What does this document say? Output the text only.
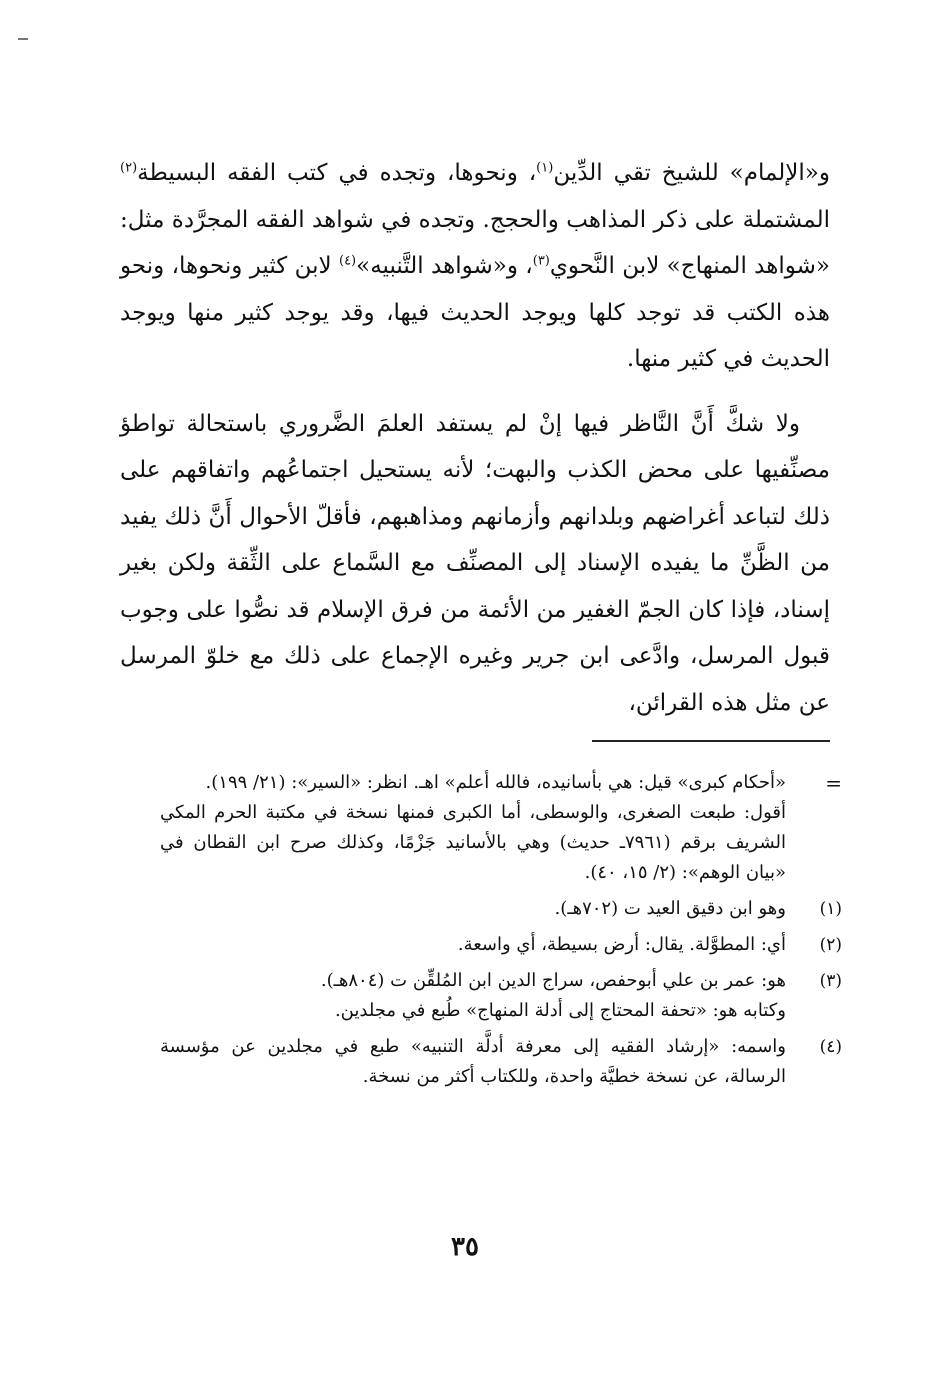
و«الإلمام» للشيخ تقي الدِّين$^{(١)}$، ونحوها، وتجده في كتب الفقه البسيطة$^{(٢)}$ المشتملة على ذكر المذاهب والحجج. وتجده في شواهد الفقه المجرَّدة مثل: «شواهد المنهاج» لابن النَّحوي$^{(٣)}$، و«شواهد التَّنبيه»$^{(٤)}$ لابن كثير ونحوها، ونحو هذه الكتب قد توجد كلها ويوجد الحديث فيها، وقد يوجد كثير منها ويوجد الحديث في كثير منها.

ولا شكَّ أَنَّ النَّاظر فيها إنْ لم يستفد العلمَ الضَّروري باستحالة تواطؤ مصنِّفيها على محض الكذب والبهت؛ لأنه يستحيل اجتماعُهم واتفاقهم على ذلك لتباعد أغراضهم وبلدانهم وأزمانهم ومذاهبهم، فأقلّ الأحوال أَنَّ ذلك يفيد من الظَّنِّ ما يفيده الإسناد إلى المصنِّف مع السَّماع على الثِّقة ولكن بغير إسناد، فإذا كان الجمّ الغفير من الأئمة من فرق الإسلام قد نصُّوا على وجوب قبول المرسل، وادَّعى ابن جرير وغيره الإجماع على ذلك مع خلوّ المرسل عن مثل هذه القرائن،

=
«أحكام كبرى» قيل: هي بأسانيده، فالله أعلم» اهـ. انظر: «السير»: (٢١/ ١٩٩).
أقول: طبعت الصغرى، والوسطى، أما الكبرى فمنها نسخة في مكتبة الحرم المكي الشريف برقم (٧٩٦١ـ حديث) وهي بالأسانيد جَزْمًا، وكذلك صرح ابن القطان في «بيان الوهم»: (٢/ ١٥، ٤٠).
(١)
وهو ابن دقيق العيد ت (٧٠٢هـ).
(٢)
أي: المطوَّلة. يقال: أرض بسيطة، أي واسعة.
(٣)
هو: عمر بن علي أبوحفص، سراج الدين ابن المُلقِّن ت (٨٠٤هـ).
وكتابه هو: «تحفة المحتاج إلى أدلة المنهاج» طُبع في مجلدين.
(٤)
واسمه: «إرشاد الفقيه إلى معرفة أدلَّة التنبيه» طبع في مجلدين عن مؤسسة الرسالة، عن نسخة خطيَّة واحدة، وللكتاب أكثر من نسخة.
٣٥
